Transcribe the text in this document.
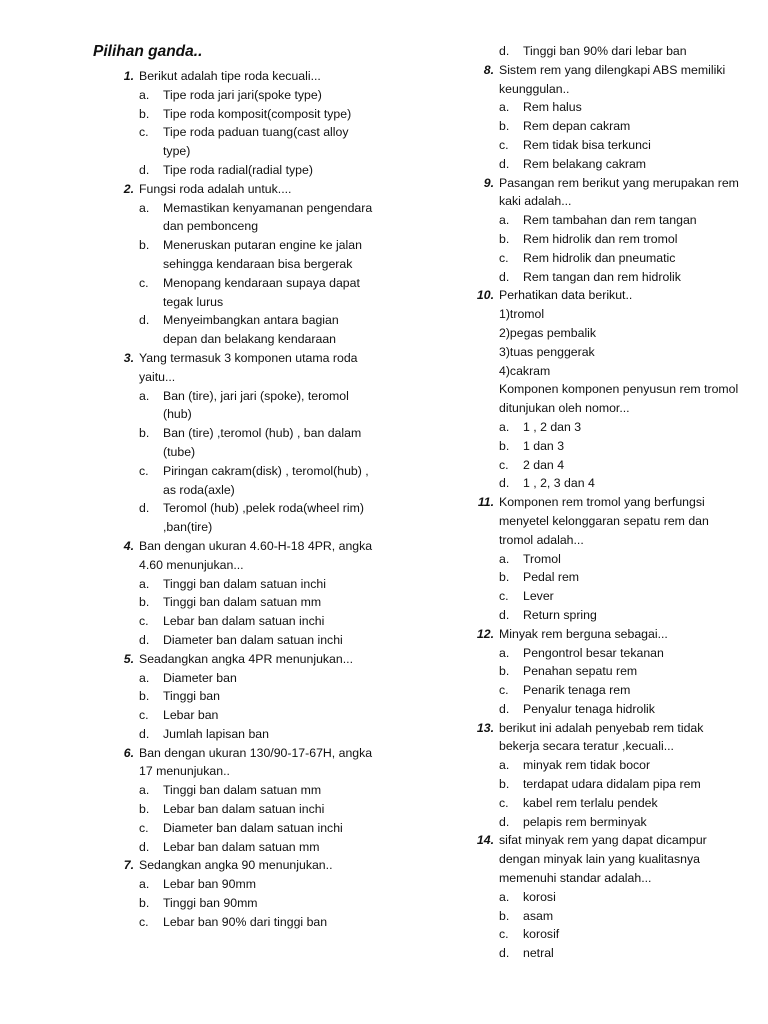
Pilihan ganda..
1. Berikut adalah tipe roda kecuali...
a. Tipe roda jari jari(spoke type)
b. Tipe roda komposit(composit type)
c. Tipe roda paduan tuang(cast alloy type)
d. Tipe roda radial(radial type)
2. Fungsi roda adalah untuk....
a. Memastikan kenyamanan pengendara dan pembonceng
b. Meneruskan putaran engine ke jalan sehingga kendaraan bisa bergerak
c. Menopang kendaraan supaya dapat tegak lurus
d. Menyeimbangkan antara bagian depan dan belakang kendaraan
3. Yang termasuk 3 komponen utama roda yaitu...
a. Ban (tire), jari jari (spoke), teromol (hub)
b. Ban (tire) ,teromol (hub) , ban dalam (tube)
c. Piringan cakram(disk) , teromol(hub) , as roda(axle)
d. Teromol (hub) ,pelek roda(wheel rim) ,ban(tire)
4. Ban dengan ukuran 4.60-H-18 4PR, angka 4.60 menunjukan...
a. Tinggi ban dalam satuan inchi
b. Tinggi ban dalam satuan mm
c. Lebar ban dalam satuan inchi
d. Diameter ban dalam satuan inchi
5. Seadangkan angka 4PR menunjukan...
a. Diameter ban
b. Tinggi ban
c. Lebar ban
d. Jumlah lapisan ban
6. Ban dengan ukuran 130/90-17-67H, angka 17 menunjukan..
a. Tinggi ban dalam satuan mm
b. Lebar ban dalam satuan inchi
c. Diameter ban dalam satuan inchi
d. Lebar ban dalam satuan mm
7. Sedangkan angka 90 menunjukan..
a. Lebar ban 90mm
b. Tinggi ban 90mm
c. Lebar ban 90% dari tinggi ban
d. Tinggi ban 90% dari lebar ban
8. Sistem rem yang dilengkapi ABS memiliki keunggulan..
a. Rem halus
b. Rem depan cakram
c. Rem tidak bisa terkunci
d. Rem belakang cakram
9. Pasangan rem berikut yang merupakan rem kaki adalah...
a. Rem tambahan dan rem tangan
b. Rem hidrolik dan rem tromol
c. Rem hidrolik dan pneumatic
d. Rem tangan dan rem hidrolik
10. Perhatikan data berikut..
1)tromol
2)pegas pembalik
3)tuas penggerak
4)cakram
Komponen komponen penyusun rem tromol ditunjukan oleh nomor...
a. 1 , 2 dan 3
b. 1 dan 3
c. 2 dan 4
d. 1 , 2, 3 dan 4
11. Komponen rem tromol yang berfungsi menyetel kelonggaran sepatu rem dan tromol adalah...
a. Tromol
b. Pedal rem
c. Lever
d. Return spring
12. Minyak rem berguna sebagai...
a. Pengontrol besar tekanan
b. Penahan sepatu rem
c. Penarik tenaga rem
d. Penyalur tenaga hidrolik
13. berikut ini adalah penyebab rem tidak bekerja secara teratur ,kecuali...
a. minyak rem tidak bocor
b. terdapat udara didalam pipa rem
c. kabel rem terlalu pendek
d. pelapis rem berminyak
14. sifat minyak rem yang dapat dicampur dengan minyak lain yang kualitasnya memenuhi standar adalah...
a. korosi
b. asam
c. korosif
d. netral
